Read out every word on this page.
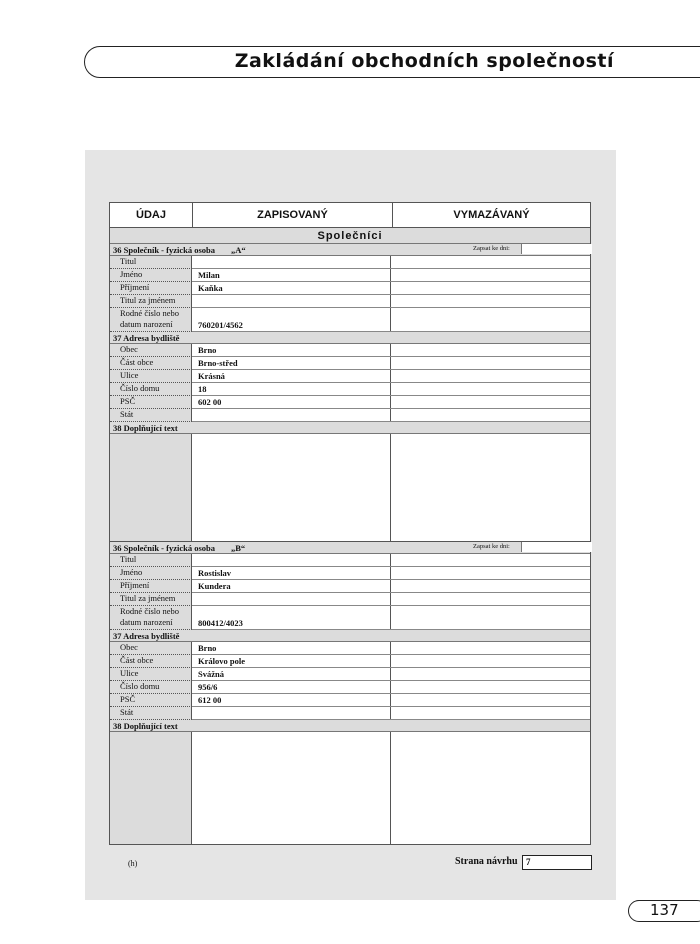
Zakládání obchodních společností
ÚDAJ	ZAPISOVANÝ	VYMAZÁVANÝ
Společníci
36 Společník - fyzická osoba „A“	Zapsat ke dni:
Titul
Jméno	Milan
Příjmení	Kaňka
Titul za jménem
Rodné číslo nebo datum narození	760201/4562
37 Adresa bydliště
Obec	Brno
Část obce	Brno-střed
Ulice	Krásná
Číslo domu	18
PSČ	602 00
Stát
38 Doplňující text
36 Společník - fyzická osoba „B“	Zapsat ke dni:
Titul
Jméno	Rostislav
Příjmení	Kundera
Titul za jménem
Rodné číslo nebo datum narození	800412/4023
37 Adresa bydliště
Obec	Brno
Část obce	Královo pole
Ulice	Svážná
Číslo domu	956/6
PSČ	612 00
Stát
38 Doplňující text
(h)	Strana návrhu 7
137
